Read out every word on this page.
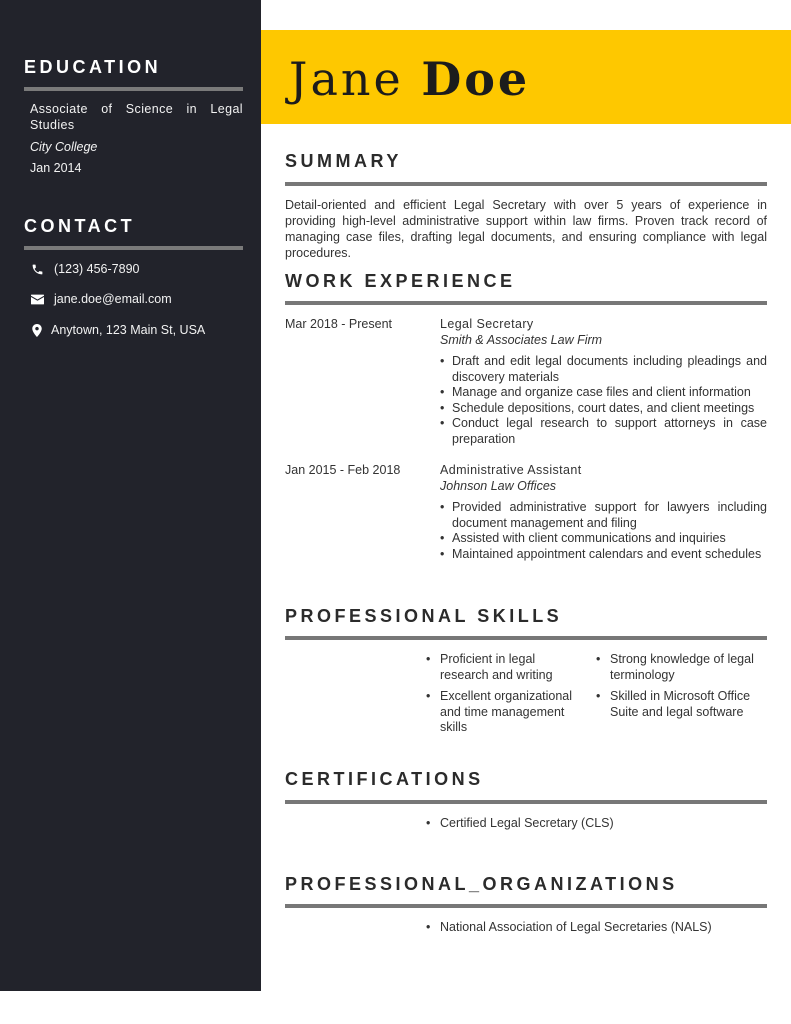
EDUCATION
Associate of Science in Legal Studies
City College
Jan 2014
CONTACT
(123) 456-7890
jane.doe@email.com
Anytown, 123 Main St, USA
Jane Doe
SUMMARY
Detail-oriented and efficient Legal Secretary with over 5 years of experience in providing high-level administrative support within law firms. Proven track record of managing case files, drafting legal documents, and ensuring compliance with legal procedures.
WORK EXPERIENCE
Mar 2018 - Present	Legal Secretary
Smith & Associates Law Firm
• Draft and edit legal documents including pleadings and discovery materials
• Manage and organize case files and client information
• Schedule depositions, court dates, and client meetings
• Conduct legal research to support attorneys in case preparation
Jan 2015 - Feb 2018	Administrative Assistant
Johnson Law Offices
• Provided administrative support for lawyers including document management and filing
• Assisted with client communications and inquiries
• Maintained appointment calendars and event schedules
PROFESSIONAL SKILLS
• Proficient in legal research and writing
• Strong knowledge of legal terminology
• Excellent organizational and time management skills
• Skilled in Microsoft Office Suite and legal software
CERTIFICATIONS
• Certified Legal Secretary (CLS)
PROFESSIONAL_ORGANIZATIONS
• National Association of Legal Secretaries (NALS)
